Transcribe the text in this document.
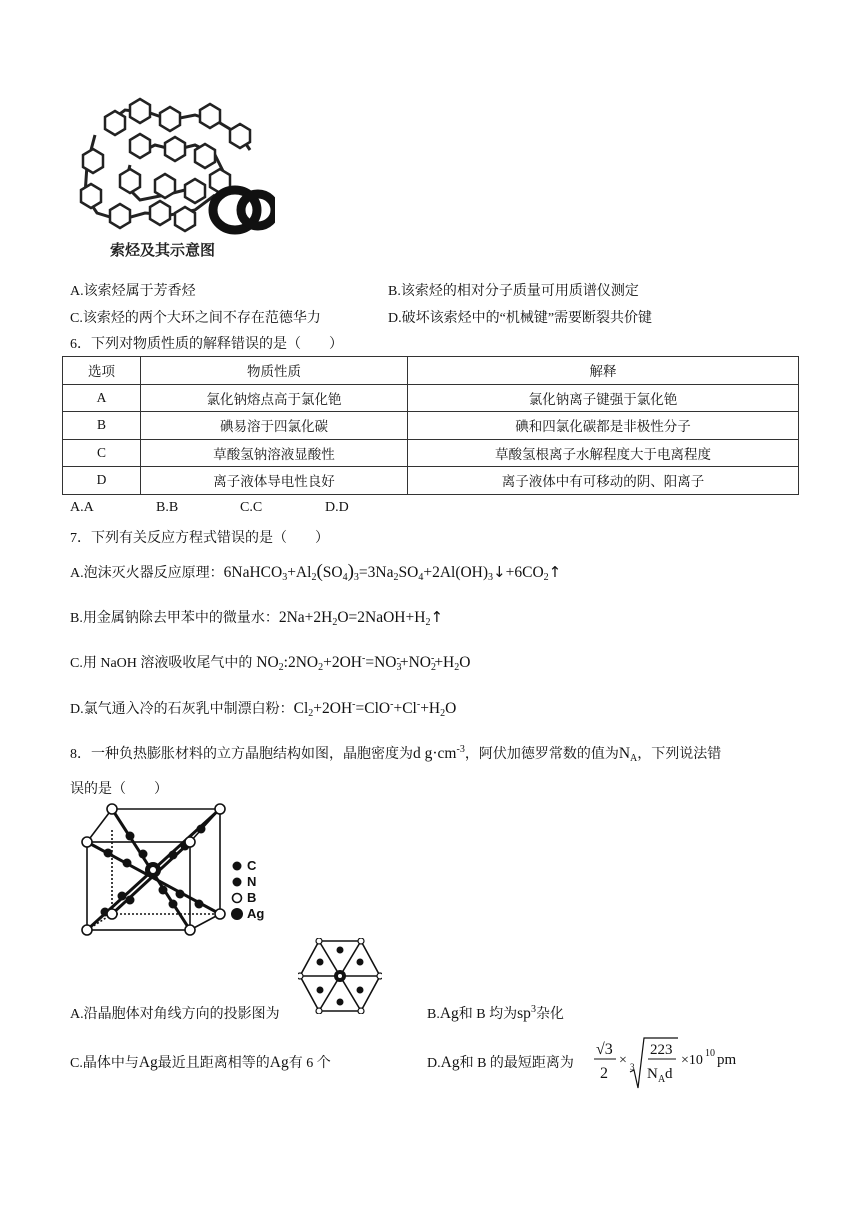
索烃及其示意图
A.该索烃属于芳香烃	B.该索烃的相对分子质量可用质谱仪测定
C.该索烃的两个大环之间不存在范德华力	D.破坏该索烃中的“机械键”需要断裂共价键
6．下列对物质性质的解释错误的是（　　）
选项	物质性质	解释
A	氯化钠熔点高于氯化铯	氯化钠离子键强于氯化铯
B	碘易溶于四氯化碳	碘和四氯化碳都是非极性分子
C	草酸氢钠溶液显酸性	草酸氢根离子水解程度大于电离程度
D	离子液体导电性良好	离子液体中有可移动的阴、阳离子
A.A	B.B	C.C	D.D
7．下列有关反应方程式错误的是（　　）
A.泡沫灭火器反应原理：$6NaHCO_3+Al_2(SO_4)_3=3Na_2SO_4+2Al(OH)_3↓+6CO_2↑$
B.用金属钠除去甲苯中的微量水：$2Na+2H_2O=2NaOH+H_2↑$
C.用 NaOH 溶液吸收尾气中的 $NO_2:2NO_2+2OH^-=NO_3^-+NO_2^-+H_2O$
D.氯气通入冷的石灰乳中制漂白粉：$Cl_2+2OH^-=ClO^-+Cl^-+H_2O$
8．一种负热膨胀材料的立方晶胞结构如图，晶胞密度为d $g\cdot cm^{-3}$，阿伏加德罗常数的值为$N_A$，下列说法错
误的是（　　）
C
N
B
Ag
A.沿晶胞体对角线方向的投影图为	B.Ag和 B 均为$sp^3$杂化
C.晶体中与Ag最近且距离相等的Ag有 6 个	D.Ag和 B 的最短距离为
√3
2
× 3
223
N A d
×10 10 pm
